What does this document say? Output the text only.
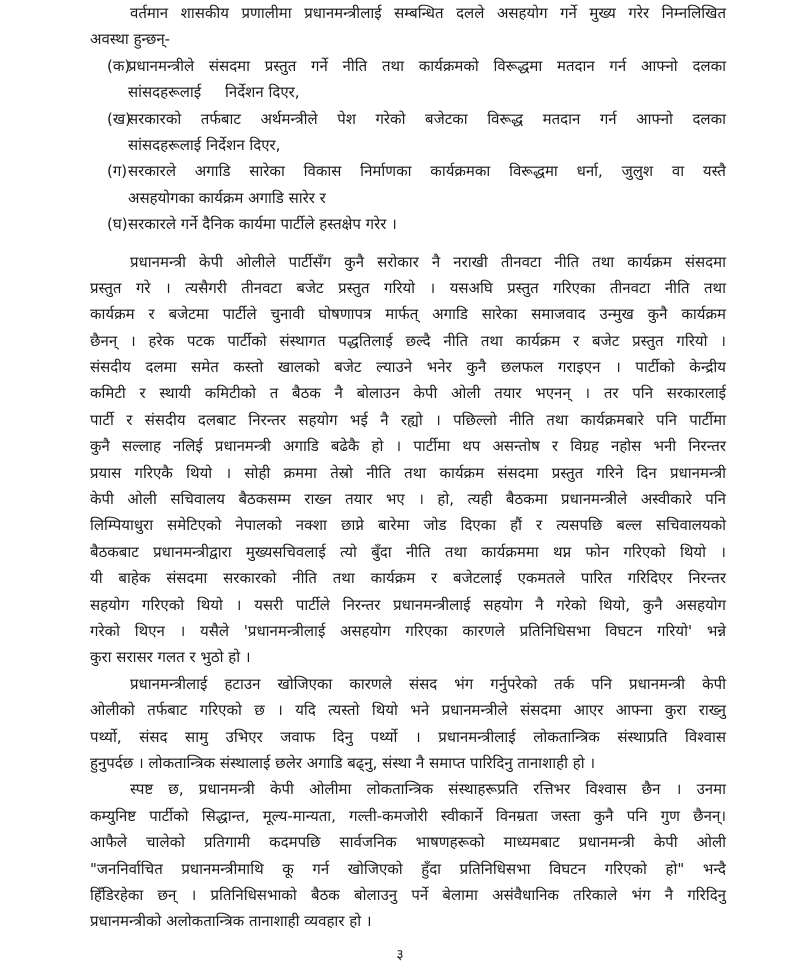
वर्तमान शासकीय प्रणालीमा प्रधानमन्त्रीलाई सम्बन्धित दलले असहयोग गर्ने मुख्य गरेर निम्नलिखित
अवस्था हुन्छन्-
(क)
प्रधानमन्त्रीले संसदमा प्रस्तुत गर्ने नीति तथा कार्यक्रमको विरूद्धमा मतदान गर्न आफ्नो दलका
सांसदहरूलाई     निर्देशन दिएर,
(ख)
सरकारको तर्फबाट अर्थमन्त्रीले पेश गरेको बजेटका विरूद्ध मतदान गर्न आफ्नो दलका
सांसदहरूलाई निर्देशन दिएर,
(ग) सरकारले अगाडि सारेका विकास निर्माणका कार्यक्रमका विरूद्धमा धर्ना, जुलुश वा यस्तै
असहयोगका कार्यक्रम अगाडि सारेर र
(घ) सरकारले गर्ने दैनिक कार्यमा पार्टीले हस्तक्षेप गरेर ।
प्रधानमन्त्री केपी ओलीले पार्टीसँग कुनै सरोकार नै नराखी तीनवटा नीति तथा कार्यक्रम संसदमा
प्रस्तुत गरे । त्यसैगरी तीनवटा बजेट प्रस्तुत गरियो । यसअघि प्रस्तुत गरिएका तीनवटा नीति तथा
कार्यक्रम र बजेटमा पार्टीले चुनावी घोषणापत्र मार्फत् अगाडि सारेका समाजवाद उन्मुख कुनै कार्यक्रम
छैनन् । हरेक पटक पार्टीको संस्थागत पद्धतिलाई छल्दै नीति तथा कार्यक्रम र बजेट प्रस्तुत गरियो ।
संसदीय दलमा समेत कस्तो खालको बजेट ल्याउने भनेर कुनै छलफल गराइएन । पार्टीको केन्द्रीय
कमिटी र स्थायी कमिटीको त बैठक नै बोलाउन केपी ओली तयार भएनन् । तर पनि सरकारलाई
पार्टी र संसदीय दलबाट निरन्तर सहयोग भई नै रह्यो । पछिल्लो नीति तथा कार्यक्रमबारे पनि पार्टीमा
कुनै सल्लाह नलिई प्रधानमन्त्री अगाडि बढेकै हो । पार्टीमा थप असन्तोष र विग्रह नहोस भनी निरन्तर
प्रयास गरिएकै थियो । सोही क्रममा तेस्रो नीति तथा कार्यक्रम संसदमा प्रस्तुत गरिने दिन प्रधानमन्त्री
केपी ओली सचिवालय बैठकसम्म राख्न तयार भए । हो, त्यही बैठकमा प्रधानमन्त्रीले अस्वीकारे पनि
लिम्पियाधुरा समेटिएको नेपालको नक्शा छाप्ने बारेमा जोड दिएका हौं र त्यसपछि बल्ल सचिवालयको
बैठकबाट प्रधानमन्त्रीद्वारा मुख्यसचिवलाई त्यो बुँदा नीति तथा कार्यक्रममा थप्न फोन गरिएको थियो ।
यी बाहेक संसदमा सरकारको नीति तथा कार्यक्रम र बजेटलाई एकमतले पारित गरिदिएर निरन्तर
सहयोग गरिएको थियो । यसरी पार्टीले निरन्तर प्रधानमन्त्रीलाई सहयोग नै गरेको थियो, कुनै असहयोग
गरेको थिएन । यसैले 'प्रधानमन्त्रीलाई असहयोग गरिएका कारणले प्रतिनिधिसभा विघटन गरियो' भन्ने
कुरा सरासर गलत र भुठो हो ।
प्रधानमन्त्रीलाई हटाउन खोजिएका कारणले संसद भंग गर्नुपरेको तर्क पनि प्रधानमन्त्री केपी
ओलीको तर्फबाट गरिएको छ । यदि त्यस्तो थियो भने प्रधानमन्त्रीले संसदमा आएर आफ्ना कुरा राख्नु
पर्थ्यो, संसद सामु उभिएर जवाफ दिनु पर्थ्यो । प्रधानमन्त्रीलाई लोकतान्त्रिक संस्थाप्रति विश्वास
हुनुपर्दछ । लोकतान्त्रिक संस्थालाई छलेर अगाडि बढ्नु, संस्था नै समाप्त पारिदिनु तानाशाही हो ।
स्पष्ट छ, प्रधानमन्त्री केपी ओलीमा लोकतान्त्रिक संस्थाहरूप्रति रत्तिभर विश्वास छैन । उनमा
कम्युनिष्ट पार्टीको सिद्धान्त, मूल्य-मान्यता, गल्ती-कमजोरी स्वीकार्ने विनम्रता जस्ता कुनै पनि गुण छैनन्।
आफैले चालेको प्रतिगामी कदमपछि सार्वजनिक भाषणहरूको माध्यमबाट प्रधानमन्त्री केपी ओली
"जननिर्वाचित प्रधानमन्त्रीमाथि कू गर्न खोजिएको हुँदा प्रतिनिधिसभा विघटन गरिएको हो" भन्दै
हिँडिरहेका छन् । प्रतिनिधिसभाको बैठक बोलाउनु पर्ने बेलामा असंवैधानिक तरिकाले भंग नै गरिदिनु
प्रधानमन्त्रीको अलोकतान्त्रिक तानाशाही व्यवहार हो ।
३
